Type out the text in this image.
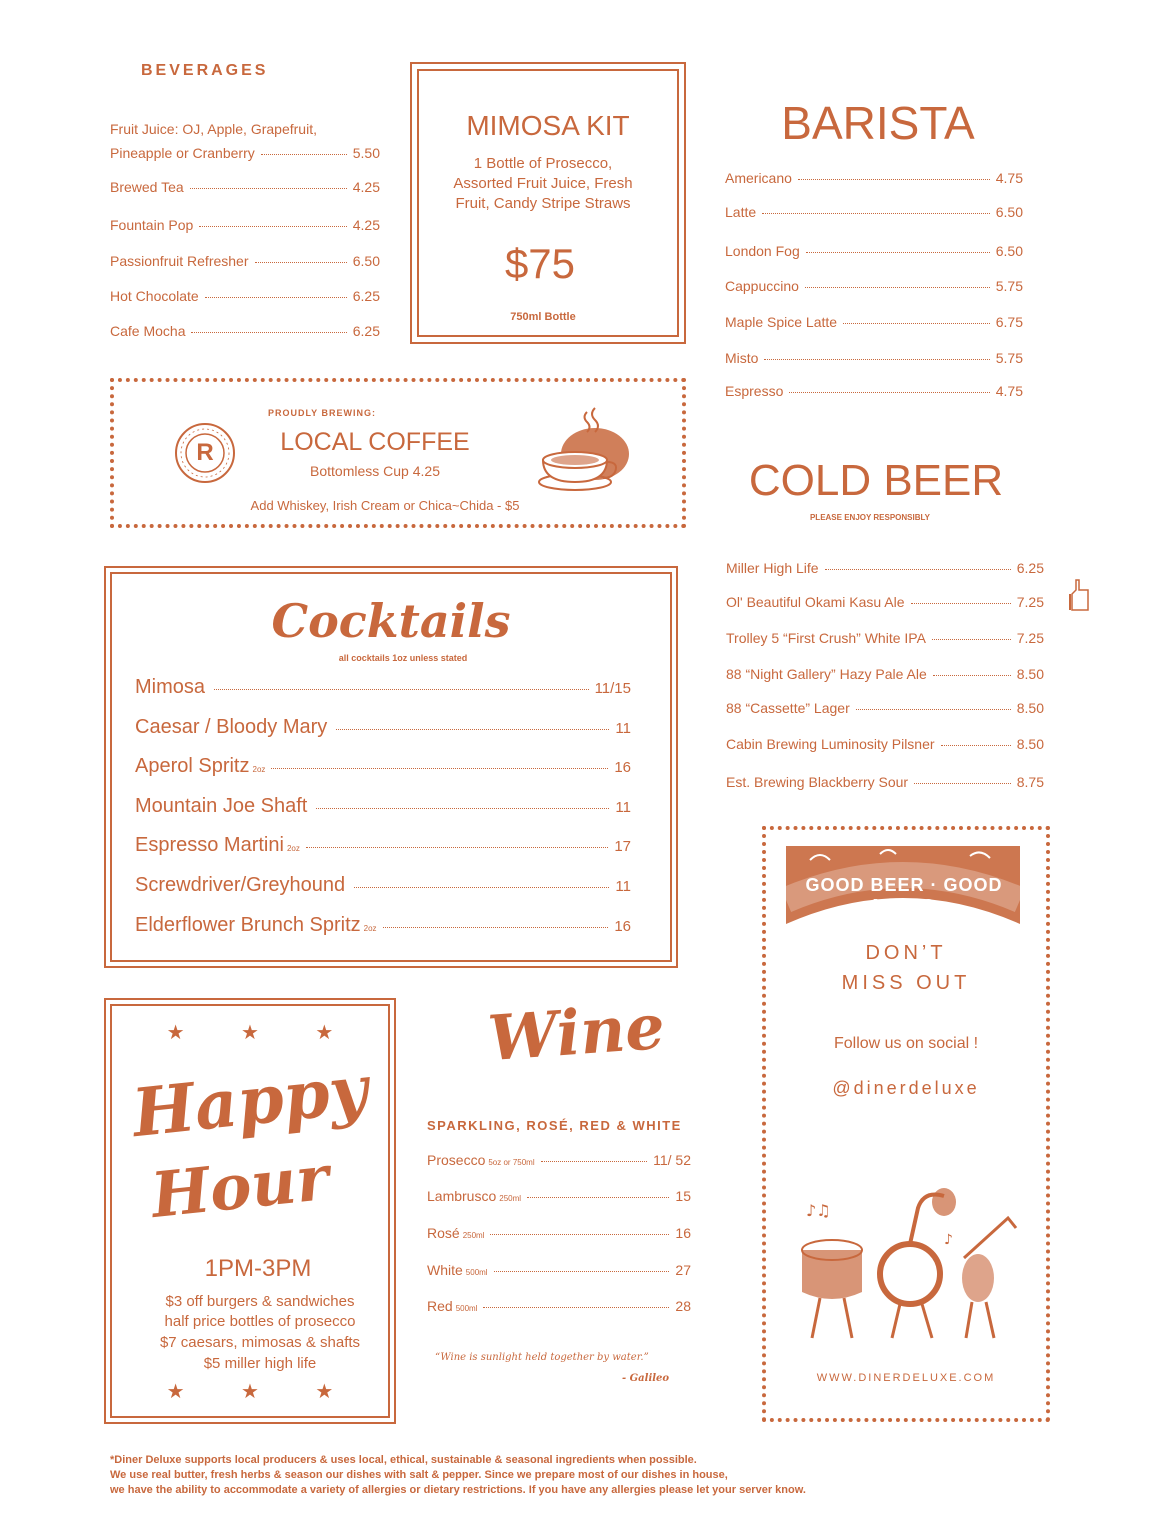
BEVERAGES
Fruit Juice: OJ, Apple, Grapefruit,
Pineapple or Cranberry	5.50
Brewed Tea	4.25
Fountain Pop	4.25
Passionfruit Refresher	6.50
Hot Chocolate	6.25
Cafe Mocha	6.25
MIMOSA KIT
1 Bottle of Prosecco,
Assorted Fruit Juice, Fresh
Fruit, Candy Stripe Straws
$75
750ml Bottle
BARISTA
Americano	4.75
Latte	6.50
London Fog	6.50
Cappuccino	5.75
Maple Spice Latte	6.75
Misto	5.75
Espresso	4.75
R
PROUDLY BREWING:
LOCAL COFFEE
Bottomless Cup 4.25
Add Whiskey, Irish Cream or Chica~Chida - $5
COLD BEER
PLEASE ENJOY RESPONSIBLY
Miller High Life	6.25
Ol' Beautiful Okami Kasu Ale	7.25
Trolley 5 “First Crush” White IPA	7.25
88 “Night Gallery” Hazy Pale Ale	8.50
88 “Cassette” Lager	8.50
Cabin Brewing Luminosity Pilsner	8.50
Est. Brewing Blackberry Sour	8.75
Cocktails
all cocktails 1oz unless stated
Mimosa	11/15
Caesar / Bloody Mary	11
Aperol Spritz 2oz	16
Mountain Joe Shaft	11
Espresso Martini 2oz	17
Screwdriver/Greyhound	11
Elderflower Brunch Spritz 2oz	16
★	★	★
Happy
Hour
1PM-3PM
$3 off burgers & sandwiches
half price bottles of prosecco
$7 caesars, mimosas & shafts
$5 miller high life
★	★	★
Wine
SPARKLING, ROSÉ, RED & WHITE
Prosecco 5oz or 750ml	11/ 52
Lambrusco 250ml	15
Rosé 250ml	16
White 500ml	27
Red 500ml	28
“Wine is sunlight held together by water.”
- Galileo
GOOD BEER · GOOD MUSIC
DON’T
MISS OUT
Follow us on social !
@dinerdeluxe
♪♫
♪
WWW.DINERDELUXE.COM
*Diner Deluxe supports local producers & uses local, ethical, sustainable & seasonal ingredients when possible.
We use real butter, fresh herbs & season our dishes with salt & pepper. Since we prepare most of our dishes in house,
we have the ability to accommodate a variety of allergies or dietary restrictions. If you have any allergies please let your server know.
